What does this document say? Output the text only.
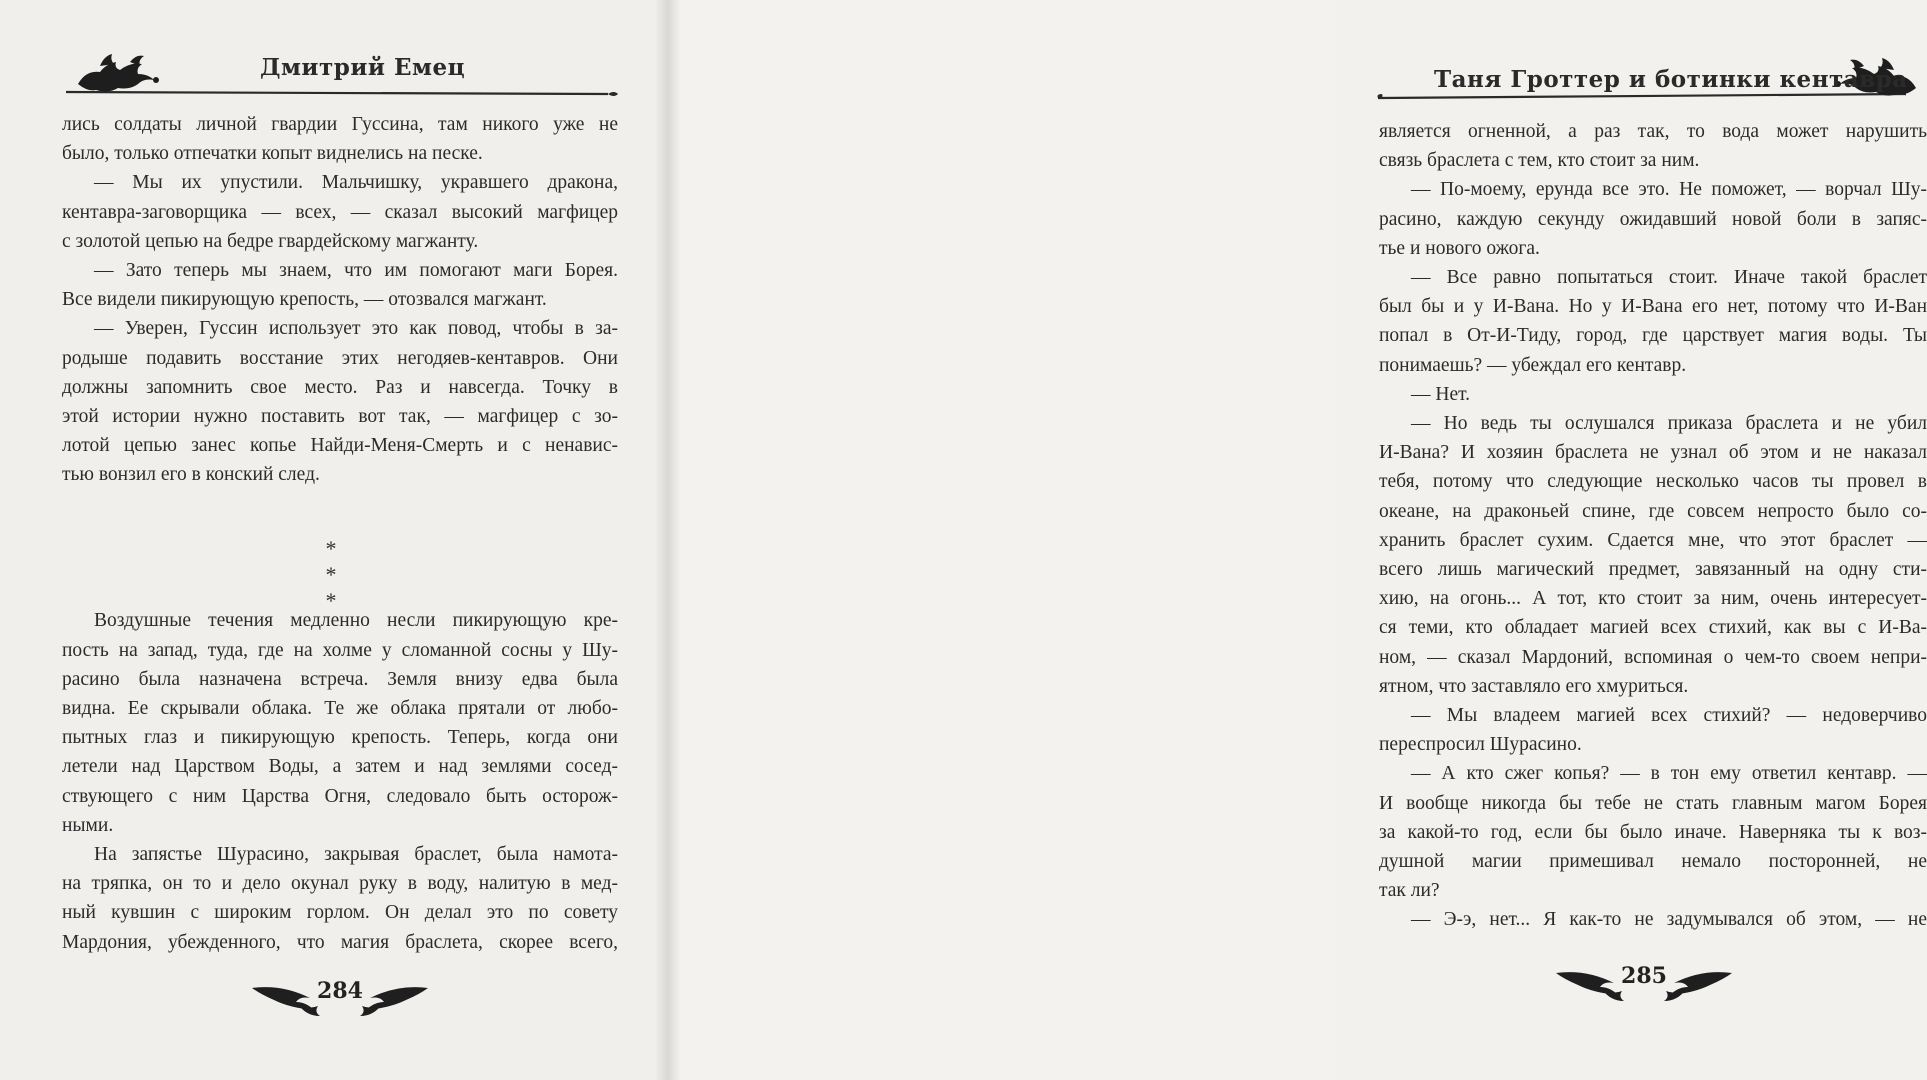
Дмитрий Емец
лись солдаты личной гвардии Гуссина, там никого уже не
было, только отпечатки копыт виднелись на песке.
— Мы их упустили. Мальчишку, укравшего дракона,
кентавра-заговорщика — всех, — сказал высокий магфицер
с золотой цепью на бедре гвардейскому магжанту.
— Зато теперь мы знаем, что им помогают маги Борея.
Все видели пикирующую крепость, — отозвался магжант.
— Уверен, Гуссин использует это как повод, чтобы в за-
родыше подавить восстание этих негодяев-кентавров. Они
должны запомнить свое место. Раз и навсегда. Точку в
этой истории нужно поставить вот так, — магфицер с зо-
лотой цепью занес копье Найди-Меня-Смерть и с ненавис-
тью вонзил его в конский след.
Воздушные течения медленно несли пикирующую кре-
пость на запад, туда, где на холме у сломанной сосны у Шу-
расино была назначена встреча. Земля внизу едва была
видна. Ее скрывали облака. Те же облака прятали от любо-
пытных глаз и пикирующую крепость. Теперь, когда они
летели над Царством Воды, а затем и над землями сосед-
ствующего с ним Царства Огня, следовало быть осторож-
ными.
На запястье Шурасино, закрывая браслет, была намота-
на тряпка, он то и дело окунал руку в воду, налитую в мед-
ный кувшин с широким горлом. Он делал это по совету
Мардония, убежденного, что магия браслета, скорее всего,
* * *
284
Таня Гроттер и ботинки кентавра
является огненной, а раз так, то вода может нарушить
связь браслета с тем, кто стоит за ним.
— По-моему, ерунда все это. Не поможет, — ворчал Шу-
расино, каждую секунду ожидавший новой боли в запяс-
тье и нового ожога.
— Все равно попытаться стоит. Иначе такой браслет
был бы и у И-Вана. Но у И-Вана его нет, потому что И-Ван
попал в От-И-Тиду, город, где царствует магия воды. Ты
понимаешь? — убеждал его кентавр.
— Нет.
— Но ведь ты ослушался приказа браслета и не убил
И-Вана? И хозяин браслета не узнал об этом и не наказал
тебя, потому что следующие несколько часов ты провел в
океане, на драконьей спине, где совсем непросто было со-
хранить браслет сухим. Сдается мне, что этот браслет —
всего лишь магический предмет, завязанный на одну сти-
хию, на огонь... А тот, кто стоит за ним, очень интересует-
ся теми, кто обладает магией всех стихий, как вы с И-Ва-
ном, — сказал Мардоний, вспоминая о чем-то своем непри-
ятном, что заставляло его хмуриться.
— Мы владеем магией всех стихий? — недоверчиво
переспросил Шурасино.
— А кто сжег копья? — в тон ему ответил кентавр. —
И вообще никогда бы тебе не стать главным магом Борея
за какой-то год, если бы было иначе. Наверняка ты к воз-
душной магии примешивал немало посторонней, не
так ли?
— Э-э, нет... Я как-то не задумывался об этом, — не
285
